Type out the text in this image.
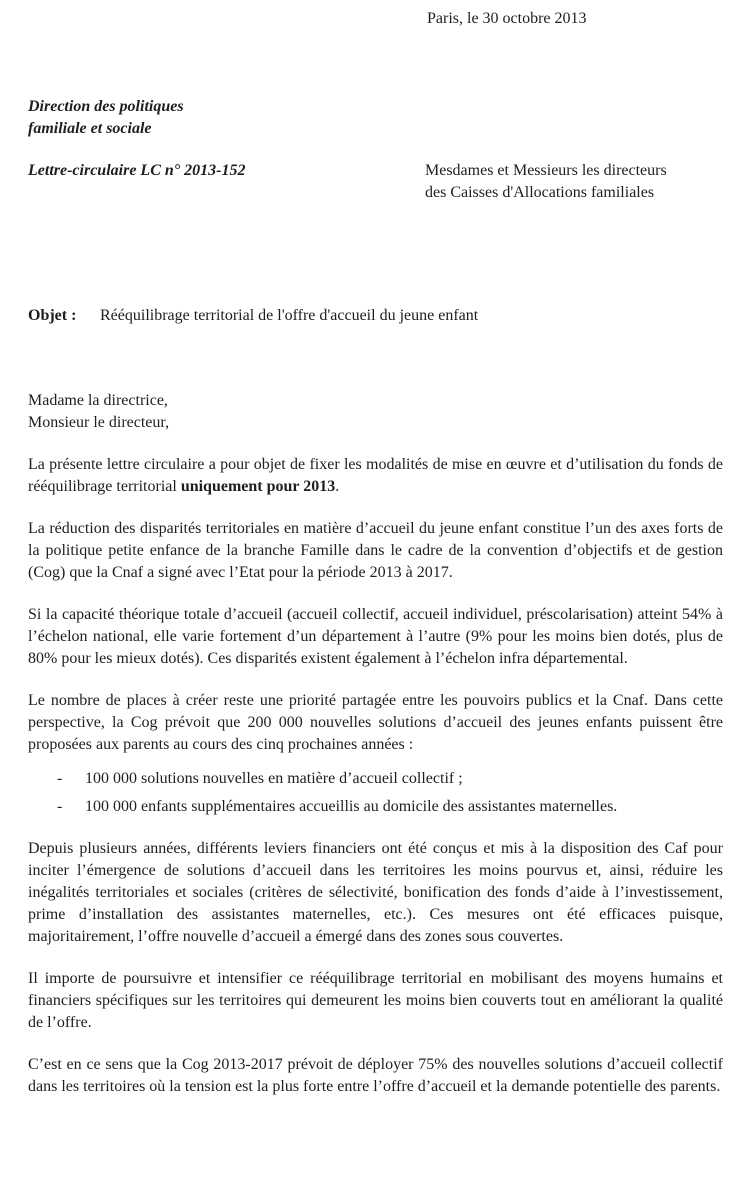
Paris, le 30 octobre 2013
Direction des politiques
familiale et sociale
Lettre-circulaire LC n° 2013-152	Mesdames et Messieurs les directeurs
des Caisses d'Allocations familiales
Objet :	Rééquilibrage territorial de l'offre d'accueil du jeune enfant
Madame la directrice,
Monsieur le directeur,

La présente lettre circulaire a pour objet de fixer les modalités de mise en œuvre et d’utilisation du fonds de rééquilibrage territorial uniquement pour 2013.

La réduction des disparités territoriales en matière d’accueil du jeune enfant constitue l’un des axes forts de la politique petite enfance de la branche Famille dans le cadre de la convention d’objectifs et de gestion (Cog) que la Cnaf a signé avec l’Etat pour la période 2013 à 2017.

Si la capacité théorique totale d’accueil (accueil collectif, accueil individuel, préscolarisation) atteint 54% à l’échelon national, elle varie fortement d’un département à l’autre (9% pour les moins bien dotés, plus de 80% pour les mieux dotés). Ces disparités existent également à l’échelon infra départemental.

Le nombre de places à créer reste une priorité partagée entre les pouvoirs publics et la Cnaf. Dans cette perspective, la Cog prévoit que 200 000 nouvelles solutions d’accueil des jeunes enfants puissent être proposées aux parents au cours des cinq prochaines années :

-	100 000 solutions nouvelles en matière d’accueil collectif ;
-	100 000 enfants supplémentaires accueillis au domicile des assistantes maternelles.

Depuis plusieurs années, différents leviers financiers ont été conçus et mis à la disposition des Caf pour inciter l’émergence de solutions d’accueil dans les territoires les moins pourvus et, ainsi, réduire les inégalités territoriales et sociales (critères de sélectivité, bonification des fonds d’aide à l’investissement, prime d’installation des assistantes maternelles, etc.). Ces mesures ont été efficaces puisque, majoritairement, l’offre nouvelle d’accueil a émergé dans des zones sous couvertes.

Il importe de poursuivre et intensifier ce rééquilibrage territorial en mobilisant des moyens humains et financiers spécifiques sur les territoires qui demeurent les moins bien couverts tout en améliorant la qualité de l’offre.

C’est en ce sens que la Cog 2013-2017 prévoit de déployer 75% des nouvelles solutions d’accueil collectif dans les territoires où la tension est la plus forte entre l’offre d’accueil et la demande potentielle des parents.
